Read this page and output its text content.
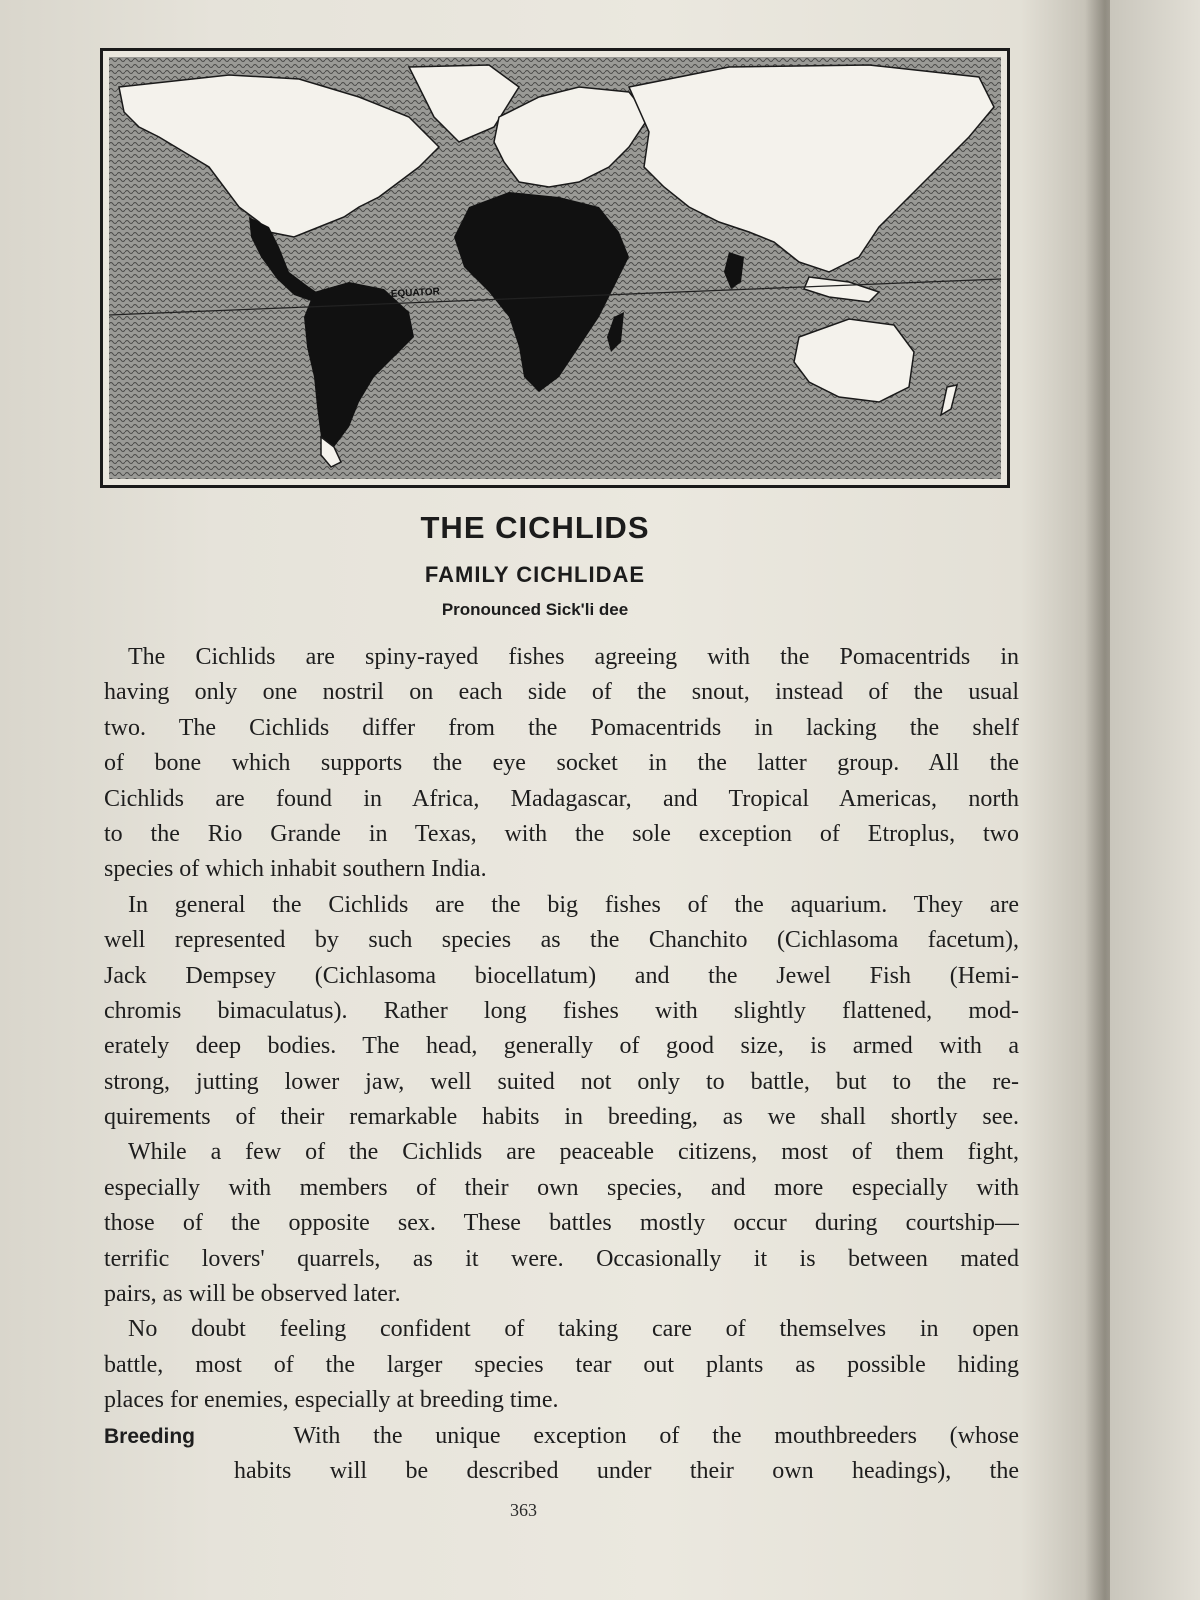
EQUATOR
THE CICHLIDS
FAMILY CICHLIDAE
Pronounced Sick'li dee
The Cichlids are spiny-rayed fishes agreeing with the Pomacentrids in
having only one nostril on each side of the snout, instead of the usual
two. The Cichlids differ from the Pomacentrids in lacking the shelf
of bone which supports the eye socket in the latter group. All the
Cichlids are found in Africa, Madagascar, and Tropical Americas, north
to the Rio Grande in Texas, with the sole exception of Etroplus, two
species of which inhabit southern India.
In general the Cichlids are the big fishes of the aquarium. They are
well represented by such species as the Chanchito (Cichlasoma facetum),
Jack Dempsey (Cichlasoma biocellatum) and the Jewel Fish (Hemi-
chromis bimaculatus). Rather long fishes with slightly flattened, mod-
erately deep bodies. The head, generally of good size, is armed with a
strong, jutting lower jaw, well suited not only to battle, but to the re-
quirements of their remarkable habits in breeding, as we shall shortly see.
While a few of the Cichlids are peaceable citizens, most of them fight,
especially with members of their own species, and more especially with
those of the opposite sex. These battles mostly occur during courtship—
terrific lovers' quarrels, as it were. Occasionally it is between mated
pairs, as will be observed later.
No doubt feeling confident of taking care of themselves in open
battle, most of the larger species tear out plants as possible hiding
places for enemies, especially at breeding time.
Breeding	With the unique exception of the mouthbreeders (whose
habits will be described under their own headings), the
363
